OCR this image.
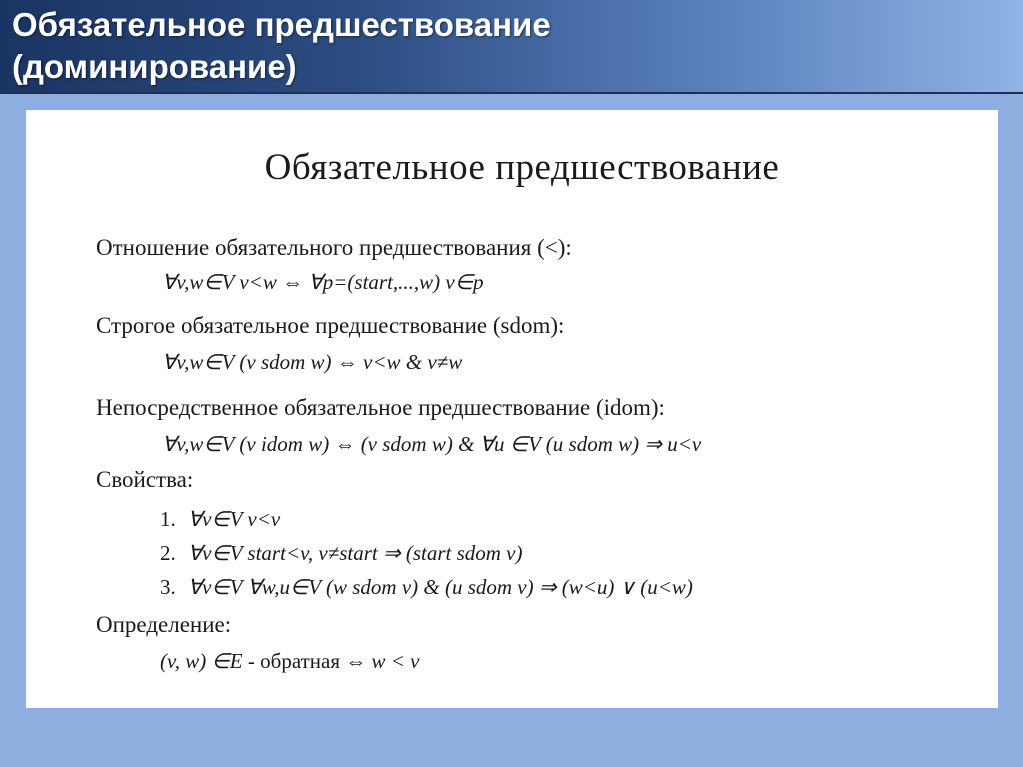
Обязательное предшествование
(доминирование)
Обязательное предшествование
Отношение обязательного предшествования (<):
∀v,w∈V v<w ⇔ ∀p=(start,...,w) v∈p
Строгое обязательное предшествование (sdom):
∀v,w∈V (v sdom w) ⇔ v<w & v≠w
Непосредственное обязательное предшествование (idom):
∀v,w∈V (v idom w) ⇔ (v sdom w) & ∀u ∈V (u sdom w) ⇒ u<v
Свойства:
1. ∀v∈V v<v
2. ∀v∈V start<v, v≠start ⇒ (start sdom v)
3. ∀v∈V ∀w,u∈V (w sdom v) & (u sdom v) ⇒ (w<u) ∨ (u<w)
Определение:
(v, w) ∈E - обратная ⇔ w < v
